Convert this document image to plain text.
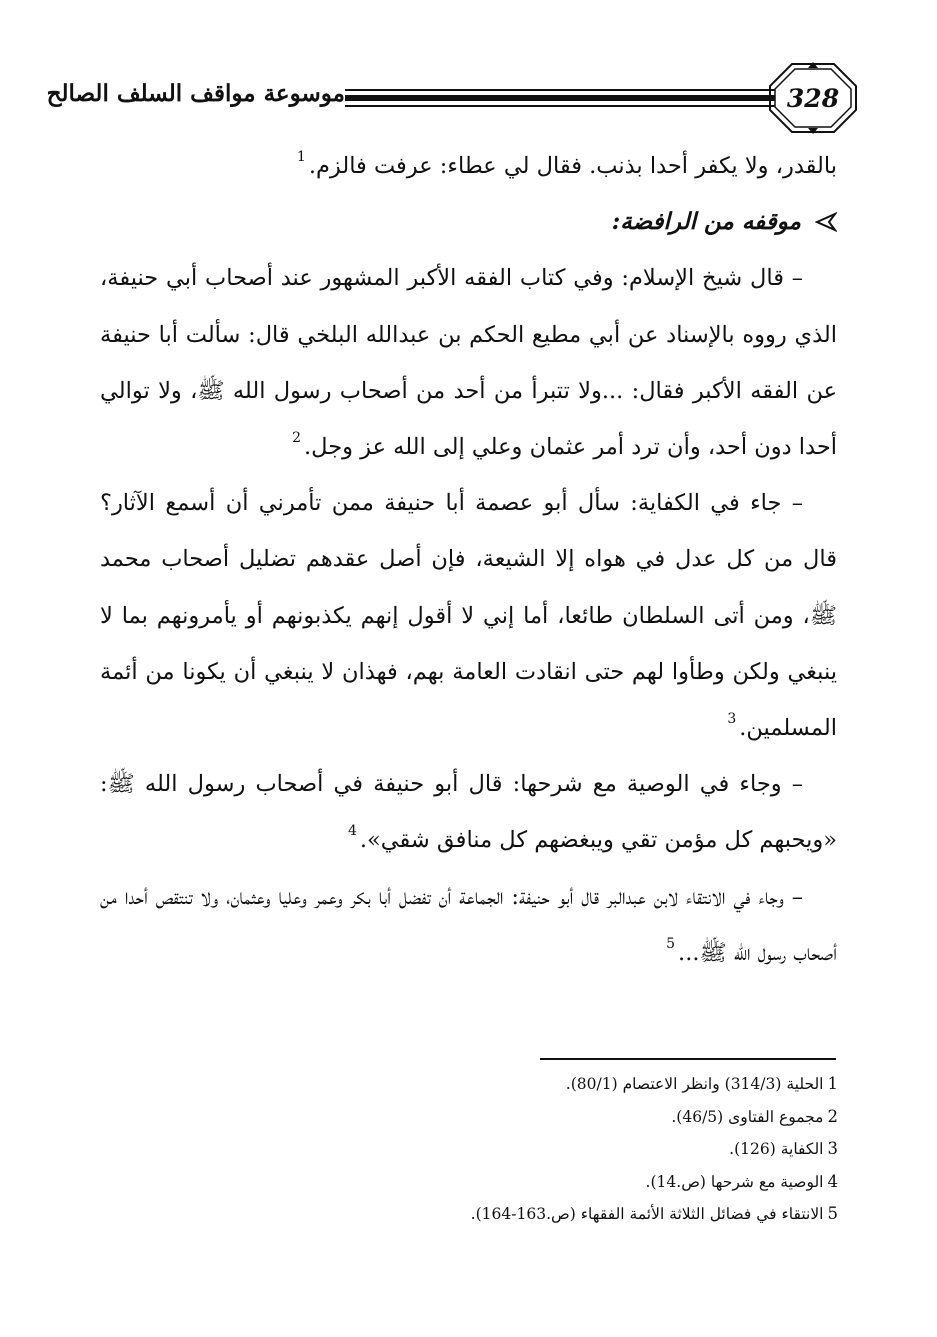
328
موسوعة مواقف السلف الصالح

بالقدر، ولا يكفر أحدا بذنب. فقال لي عطاء: عرفت فالزم.$^1$

موقفه من الرافضة:

– قال شيخ الإسلام: وفي كتاب الفقه الأكبر المشهور عند أصحاب أبي حنيفة، الذي رووه بالإسناد عن أبي مطيع الحكم بن عبدالله البلخي قال: سألت أبا حنيفة عن الفقه الأكبر فقال: ...ولا تتبرأ من أحد من أصحاب رسول الله ﷺ، ولا توالي أحدا دون أحد، وأن ترد أمر عثمان وعلي إلى الله عز وجل.$^2$

– جاء في الكفاية: سأل أبو عصمة أبا حنيفة ممن تأمرني أن أسمع الآثار؟ قال من كل عدل في هواه إلا الشيعة، فإن أصل عقدهم تضليل أصحاب محمد ﷺ، ومن أتى السلطان طائعا، أما إني لا أقول إنهم يكذبونهم أو يأمرونهم بما لا ينبغي ولكن وطأوا لهم حتى انقادت العامة بهم، فهذان لا ينبغي أن يكونا من أئمة المسلمين.$^3$

– وجاء في الوصية مع شرحها: قال أبو حنيفة في أصحاب رسول الله ﷺ: «ويحبهم كل مؤمن تقي ويبغضهم كل منافق شقي».$^4$

– وجاء في الانتقاء لابن عبدالبر قال أبو حنيفة: الجماعة أن تفضل أبا بكر وعمر وعليا وعثمان، ولا تنتقص أحدا من أصحاب رسول الله ﷺ...$^5$

1الحلية (314/3) وانظر الاعتصام (80/1).

2مجموع الفتاوى (46/5).

3الكفاية (126).

4الوصية مع شرحها (ص.14).

5الانتقاء في فضائل الثلاثة الأئمة الفقهاء (ص.163-164).
